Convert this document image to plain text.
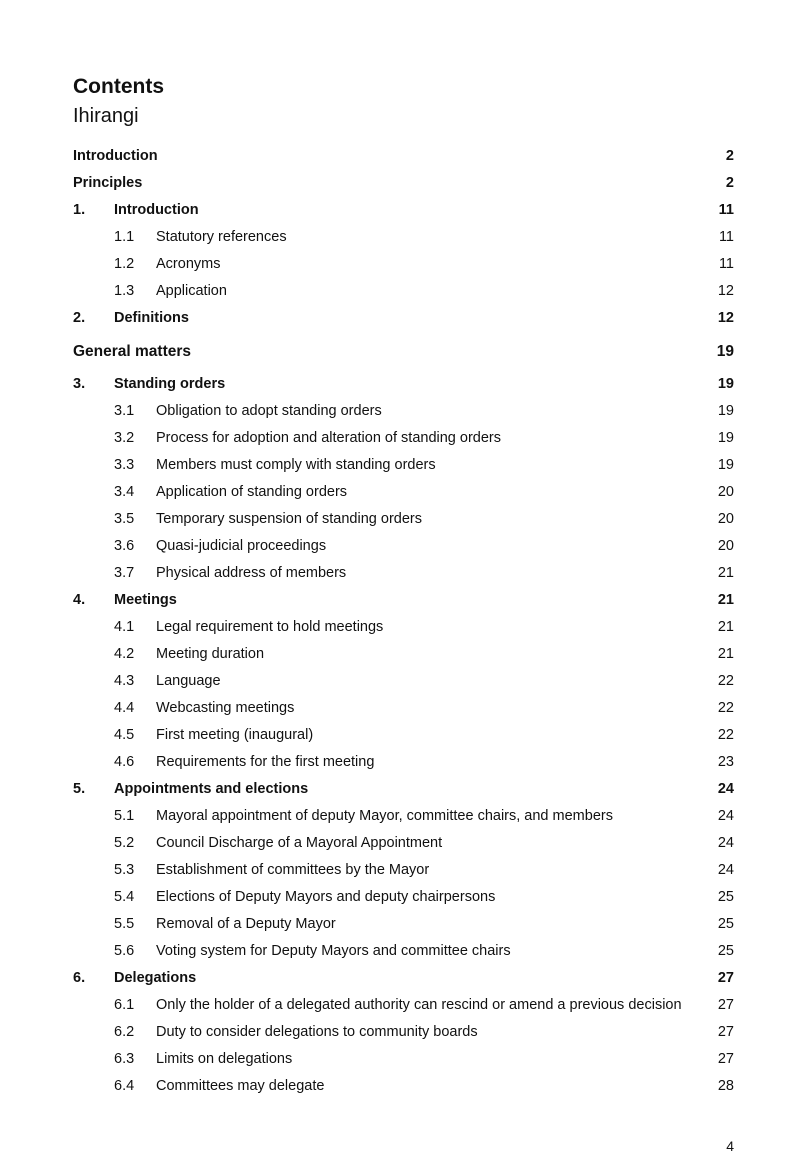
Contents
Ihirangi
Introduction	2
Principles	2
1. Introduction	11
1.1 Statutory references	11
1.2 Acronyms	11
1.3 Application	12
2. Definitions	12
General matters	19
3. Standing orders	19
3.1 Obligation to adopt standing orders	19
3.2 Process for adoption and alteration of standing orders	19
3.3 Members must comply with standing orders	19
3.4 Application of standing orders	20
3.5 Temporary suspension of standing orders	20
3.6 Quasi-judicial proceedings	20
3.7 Physical address of members	21
4. Meetings	21
4.1 Legal requirement to hold meetings	21
4.2 Meeting duration	21
4.3 Language	22
4.4 Webcasting meetings	22
4.5 First meeting (inaugural)	22
4.6 Requirements for the first meeting	23
5. Appointments and elections	24
5.1 Mayoral appointment of deputy Mayor, committee chairs, and members	24
5.2 Council Discharge of a Mayoral Appointment	24
5.3 Establishment of committees by the Mayor	24
5.4 Elections of Deputy Mayors and deputy chairpersons	25
5.5 Removal of a Deputy Mayor	25
5.6 Voting system for Deputy Mayors and committee chairs	25
6. Delegations	27
6.1 Only the holder of a delegated authority can rescind or amend a previous decision	27
6.2 Duty to consider delegations to community boards	27
6.3 Limits on delegations	27
6.4 Committees may delegate	28
4
